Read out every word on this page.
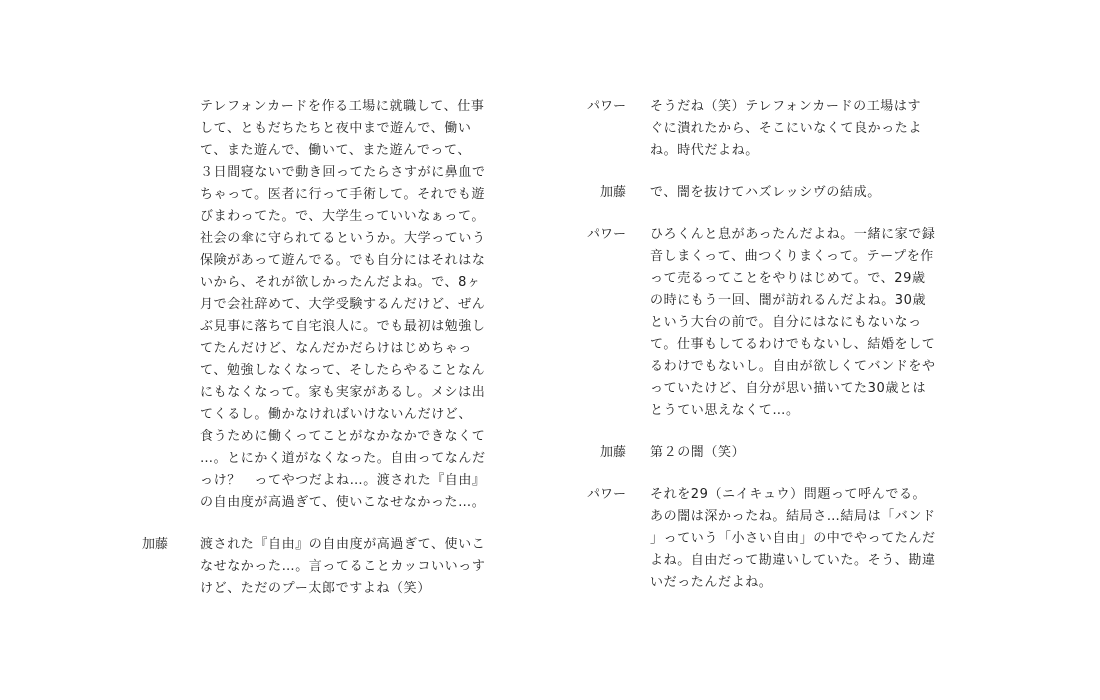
テレフォンカードを作る工場に就職して、仕事
して、ともだちたちと夜中まで遊んで、働い
て、また遊んで、働いて、また遊んでって、
３日間寝ないで動き回ってたらさすがに鼻血で
ちゃって。医者に行って手術して。それでも遊
びまわってた。で、大学生っていいなぁって。
社会の傘に守られてるというか。大学っていう
保険があって遊んでる。でも自分にはそれはな
いから、それが欲しかったんだよね。で、8ヶ
月で会社辞めて、大学受験するんだけど、ぜん
ぶ見事に落ちて自宅浪人に。でも最初は勉強し
てたんだけど、なんだかだらけはじめちゃっ
て、勉強しなくなって、そしたらやることなん
にもなくなって。家も実家があるし。メシは出
てくるし。働かなければいけないんだけど、
食うために働くってことがなかなかできなくて
…。とにかく道がなくなった。自由ってなんだ
っけ？　ってやつだよね…。渡された『自由』
の自由度が高過ぎて、使いこなせなかった…。
加藤	渡された『自由』の自由度が高過ぎて、使いこ
なせなかった…。言ってることカッコいいっす
けど、ただのプー太郎ですよね（笑）
パワー そうだね（笑）テレフォンカードの工場はす
ぐに潰れたから、そこにいなくて良かったよ
ね。時代だよね。
加藤 で、闇を抜けてハズレッシヴの結成。
パワー ひろくんと息があったんだよね。一緒に家で録
音しまくって、曲つくりまくって。テープを作
って売るってことをやりはじめて。で、29歳
の時にもう一回、闇が訪れるんだよね。30歳
という大台の前で。自分にはなにもないなっ
て。仕事もしてるわけでもないし、結婚をして
るわけでもないし。自由が欲しくてバンドをや
っていたけど、自分が思い描いてた30歳とは
とうてい思えなくて…。
加藤 第２の闇（笑）
パワー それを29（ニイキュウ）問題って呼んでる。
あの闇は深かったね。結局さ…結局は「バンド
」っていう「小さい自由」の中でやってたんだ
よね。自由だって勘違いしていた。そう、勘違
いだったんだよね。
